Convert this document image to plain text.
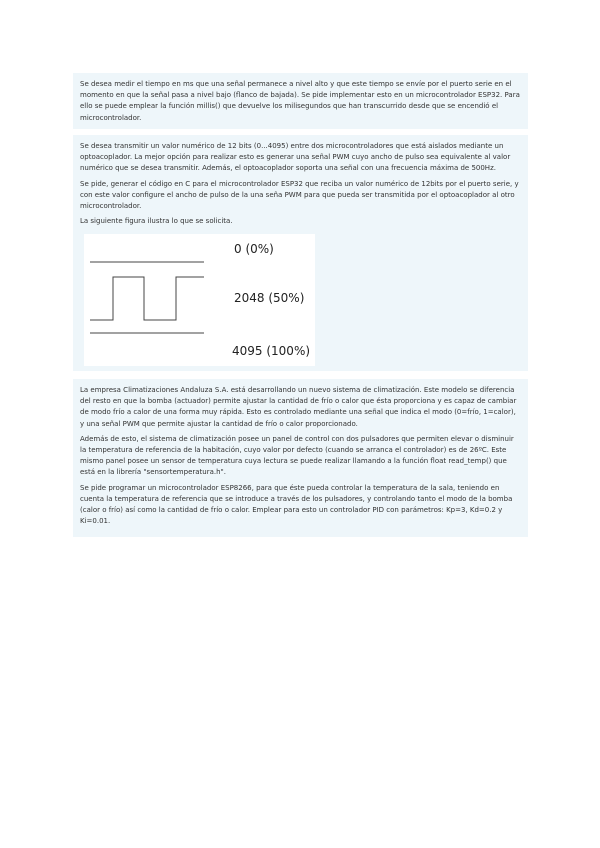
Se desea medir el tiempo en ms que una señal permanece a nivel alto y que este tiempo se envíe por el puerto serie en el momento en que la señal pasa a nivel bajo (flanco de bajada). Se pide implementar esto en un microcontrolador ESP32. Para ello se puede emplear la función millis() que devuelve los milisegundos que han transcurrido desde que se encendió el microcontrolador.

Se desea transmitir un valor numérico de 12 bits (0...4095) entre dos microcontroladores que está aislados mediante un optoacoplador. La mejor opción para realizar esto es generar una señal PWM cuyo ancho de pulso sea equivalente al valor numérico que se desea transmitir. Además, el optoacoplador soporta una señal con una frecuencia máxima de 500Hz.

Se pide, generar el código en C para el microcontrolador ESP32 que reciba un valor numérico de 12bits por el puerto serie, y con este valor configure el ancho de pulso de la una seña PWM para que pueda ser transmitida por el optoacoplador al otro microcontrolador.

La siguiente figura ilustra lo que se solicita.

0 (0%)
2048 (50%)
4095 (100%)

La empresa Climatizaciones Andaluza S.A. está desarrollando un nuevo sistema de climatización. Este modelo se diferencia del resto en que la bomba (actuador) permite ajustar la cantidad de frío o calor que ésta proporciona y es capaz de cambiar de modo frío a calor de una forma muy rápida. Esto es controlado mediante una señal que indica el modo (0=frío, 1=calor), y una señal PWM que permite ajustar la cantidad de frío o calor proporcionado.

Además de esto, el sistema de climatización posee un panel de control con dos pulsadores que permiten elevar o disminuir la temperatura de referencia de la habitación, cuyo valor por defecto (cuando se arranca el controlador) es de 26ºC. Este mismo panel posee un sensor de temperatura cuya lectura se puede realizar llamando a la función float read_temp() que está en la librería "sensortemperatura.h".

Se pide programar un microcontrolador ESP8266, para que éste pueda controlar la temperatura de la sala, teniendo en cuenta la temperatura de referencia que se introduce a través de los pulsadores, y controlando tanto el modo de la bomba (calor o frío) así como la cantidad de frío o calor. Emplear para esto un controlador PID con parámetros: Kp=3, Kd=0.2 y Ki=0.01.
